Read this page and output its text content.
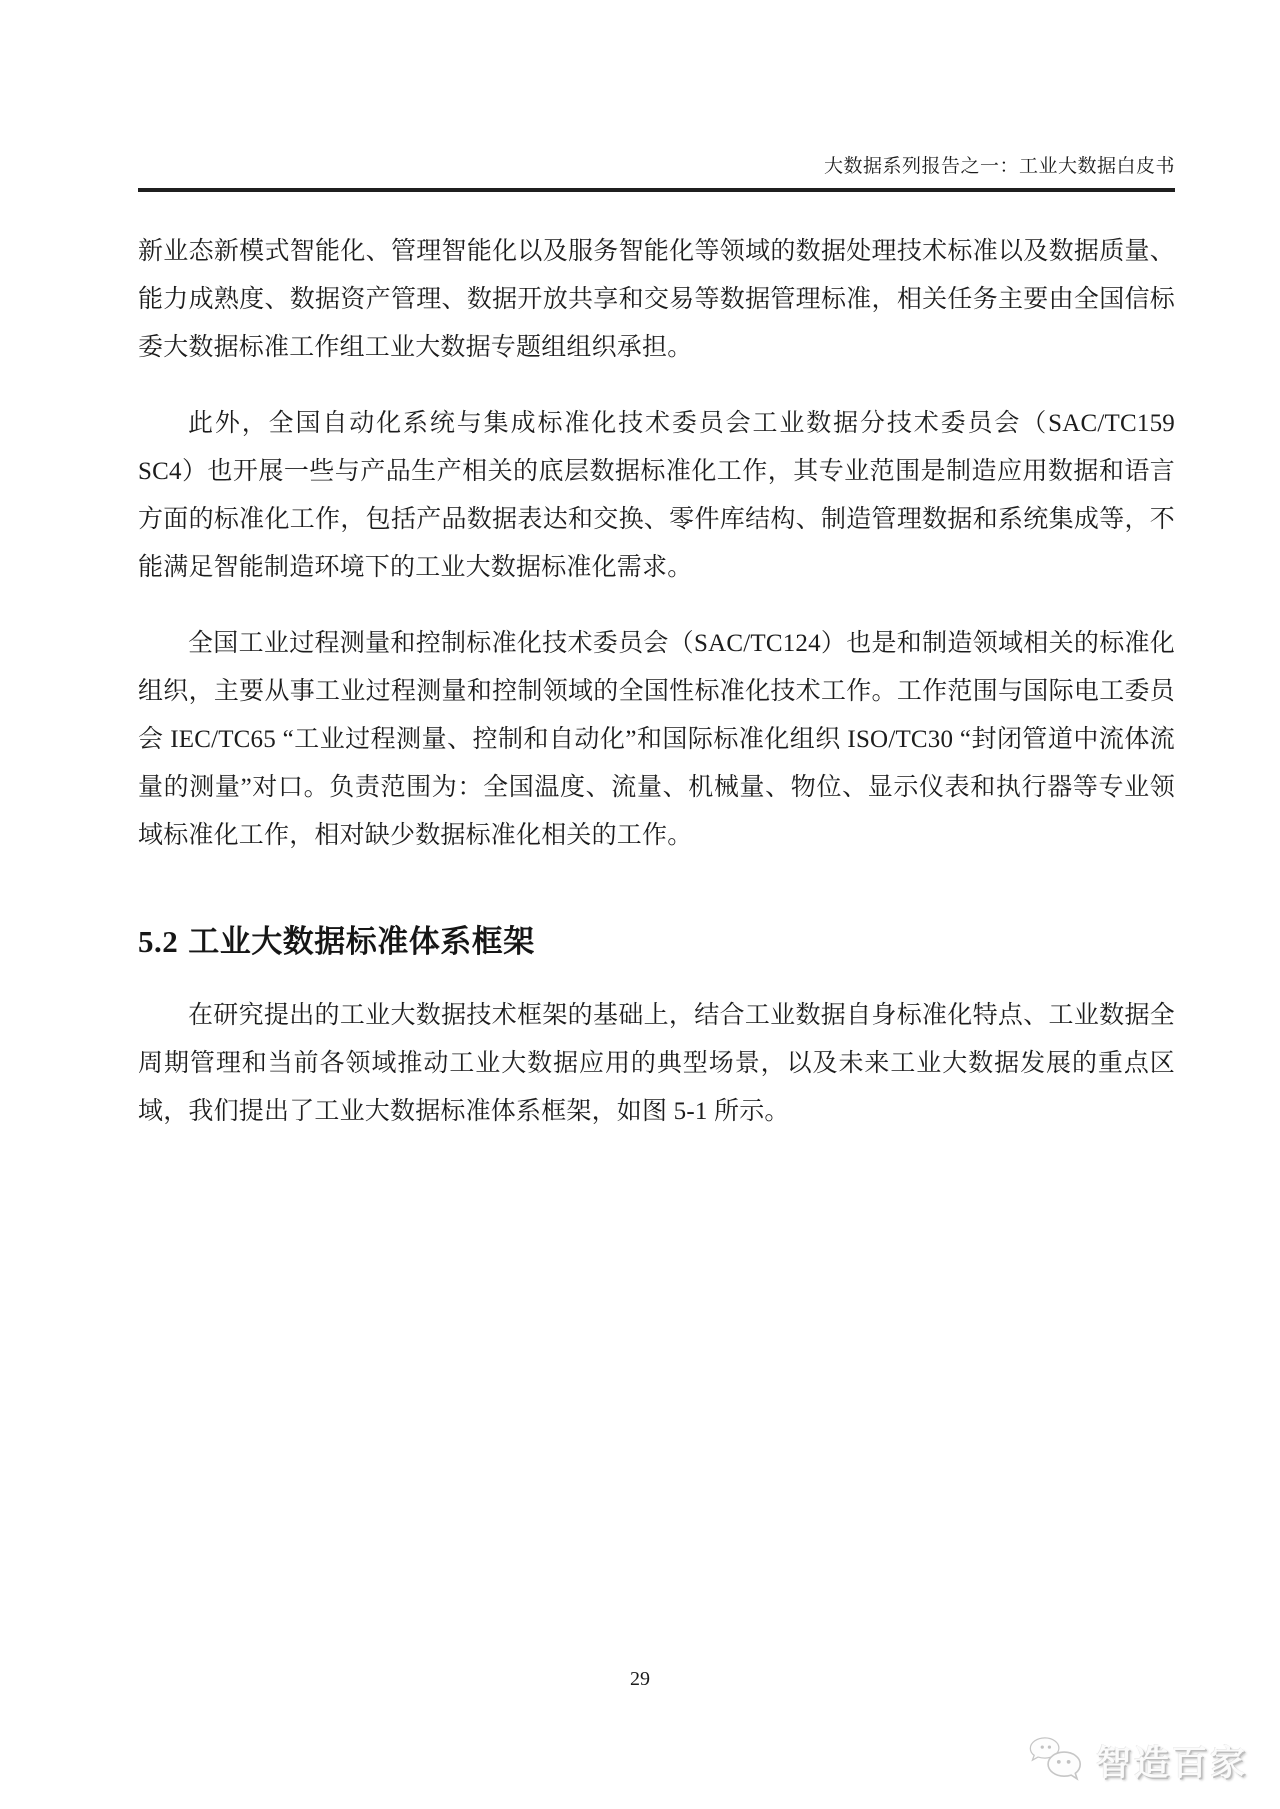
大数据系列报告之一：工业大数据白皮书

新业态新模式智能化、管理智能化以及服务智能化等领域的数据处理技术标准以及数据质量、能力成熟度、数据资产管理、数据开放共享和交易等数据管理标准，相关任务主要由全国信标委大数据标准工作组工业大数据专题组组织承担。

此外，全国自动化系统与集成标准化技术委员会工业数据分技术委员会（SAC/TC159 SC4）也开展一些与产品生产相关的底层数据标准化工作，其专业范围是制造应用数据和语言方面的标准化工作，包括产品数据表达和交换、零件库结构、制造管理数据和系统集成等，不能满足智能制造环境下的工业大数据标准化需求。

全国工业过程测量和控制标准化技术委员会（SAC/TC124）也是和制造领域相关的标准化组织，主要从事工业过程测量和控制领域的全国性标准化技术工作。工作范围与国际电工委员会 IEC/TC65 “工业过程测量、控制和自动化”和国际标准化组织 ISO/TC30 “封闭管道中流体流量的测量”对口。负责范围为：全国温度、流量、机械量、物位、显示仪表和执行器等专业领域标准化工作，相对缺少数据标准化相关的工作。

5.2 工业大数据标准体系框架

在研究提出的工业大数据技术框架的基础上，结合工业数据自身标准化特点、工业数据全周期管理和当前各领域推动工业大数据应用的典型场景，以及未来工业大数据发展的重点区域，我们提出了工业大数据标准体系框架，如图 5-1 所示。

29
智造百家
